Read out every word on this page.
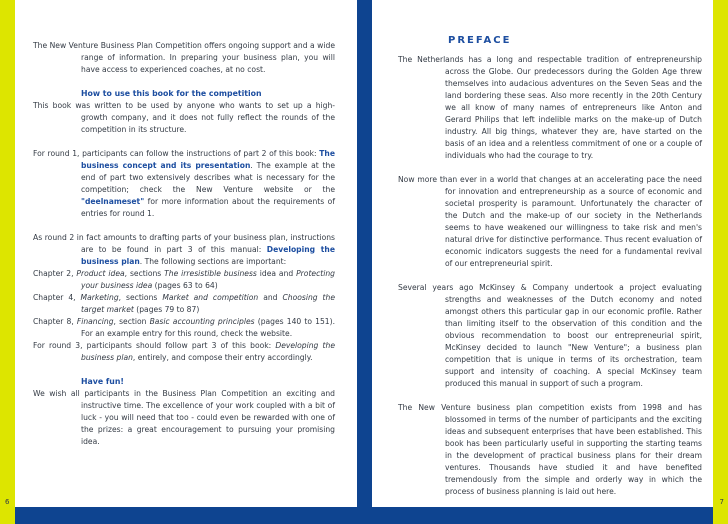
The New Venture Business Plan Competition offers ongoing support and a wide range of information. In preparing your business plan, you will have access to experienced coaches, at no cost.

How to use this book for the competition

This book was written to be used by anyone who wants to set up a high-growth company, and it does not fully reflect the rounds of the competition in its structure.

For round 1, participants can follow the instructions of part 2 of this book: The business concept and its presentation. The example at the end of part two extensively describes what is necessary for the competition; check the New Venture website or the "deelnameset" for more information about the requirements of entries for round 1.

As round 2 in fact amounts to drafting parts of your business plan, instructions are to be found in part 3 of this manual: Developing the business plan. The following sections are important:

Chapter 2, Product idea, sections The irresistible business idea and Protecting your business idea (pages 63 to 64)

Chapter 4, Marketing, sections Market and competition and Choosing the target market (pages 79 to 87)

Chapter 8, Financing, section Basic accounting principles (pages 140 to 151). For an example entry for this round, check the website.

For round 3, participants should follow part 3 of this book: Developing the business plan, entirely, and compose their entry accordingly.

Have fun!

We wish all participants in the Business Plan Competition an exciting and instructive time. The excellence of your work coupled with a bit of luck - you will need that too - could even be rewarded with one of the prizes: a great encouragement to pursuing your promising idea.

PREFACE

The Netherlands has a long and respectable tradition of entrepreneurship across the Globe. Our predecessors during the Golden Age threw themselves into audacious adventures on the Seven Seas and the land bordering these seas. Also more recently in the 20th Century we all know of many names of entrepreneurs like Anton and Gerard Philips that left indelible marks on the make-up of Dutch industry. All big things, whatever they are, have started on the basis of an idea and a relentless commitment of one or a couple of individuals who had the courage to try.

Now more than ever in a world that changes at an accelerating pace the need for innovation and entrepreneurship as a source of economic and societal prosperity is paramount. Unfortunately the character of the Dutch and the make-up of our society in the Netherlands seems to have weakened our willingness to take risk and men's natural drive for distinctive performance. Thus recent evaluation of economic indicators suggests the need for a fundamental revival of our entrepreneurial spirit.

Several years ago McKinsey & Company undertook a project evaluating strengths and weaknesses of the Dutch economy and noted amongst others this particular gap in our economic profile. Rather than limiting itself to the observation of this condition and the obvious recommendation to boost our entrepreneurial spirit, McKinsey decided to launch "New Venture"; a business plan competition that is unique in terms of its orchestration, team support and intensity of coaching. A special McKinsey team produced this manual in support of such a program.

The New Venture business plan competition exists from 1998 and has blossomed in terms of the number of participants and the exciting ideas and subsequent enterprises that have been established. This book has been particularly useful in supporting the starting teams in the development of practical business plans for their dream ventures. Thousands have studied it and have benefited tremendously from the simple and orderly way in which the process of business planning is laid out here.

6	7
